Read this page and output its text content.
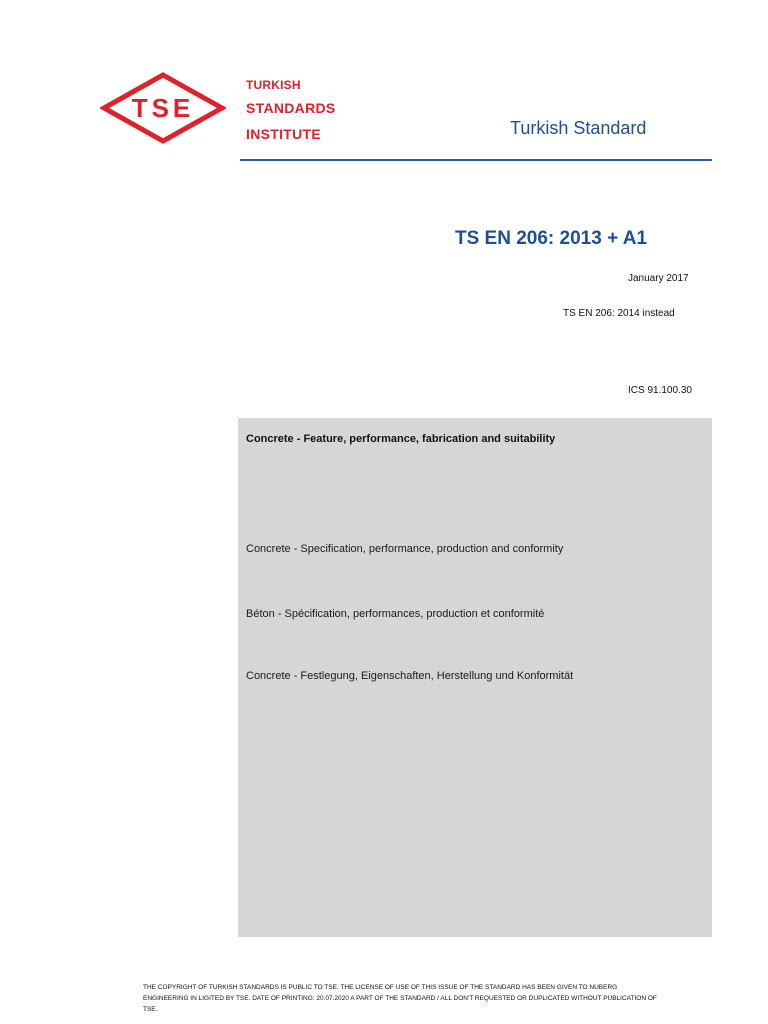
TSE

TURKISH

STANDARDS

INSTITUTE	Turkish Standard
TS EN 206: 2013 + A1
January 2017
TS EN 206: 2014 instead
ICS 91.100.30
Concrete - Feature, performance, fabrication and suitability
Concrete - Specification, performance, production and conformity
Béton - Spécification, performances, production et conformité
Concrete - Festlegung, Eigenschaften, Herstellung und Konformität
THE COPYRIGHT OF TURKISH STANDARDS IS PUBLIC TO TSE. THE LICENSE OF USE OF THIS ISSUE OF THE STANDARD HAS BEEN GIVEN TO NUBERG ENGINEERING IN LIGITED BY TSE. DATE OF PRINTING: 20.07.2020 A PART OF THE STANDARD / ALL DON'T REQUESTED OR DUPLICATED WITHOUT PUBLICATION OF TSE.
